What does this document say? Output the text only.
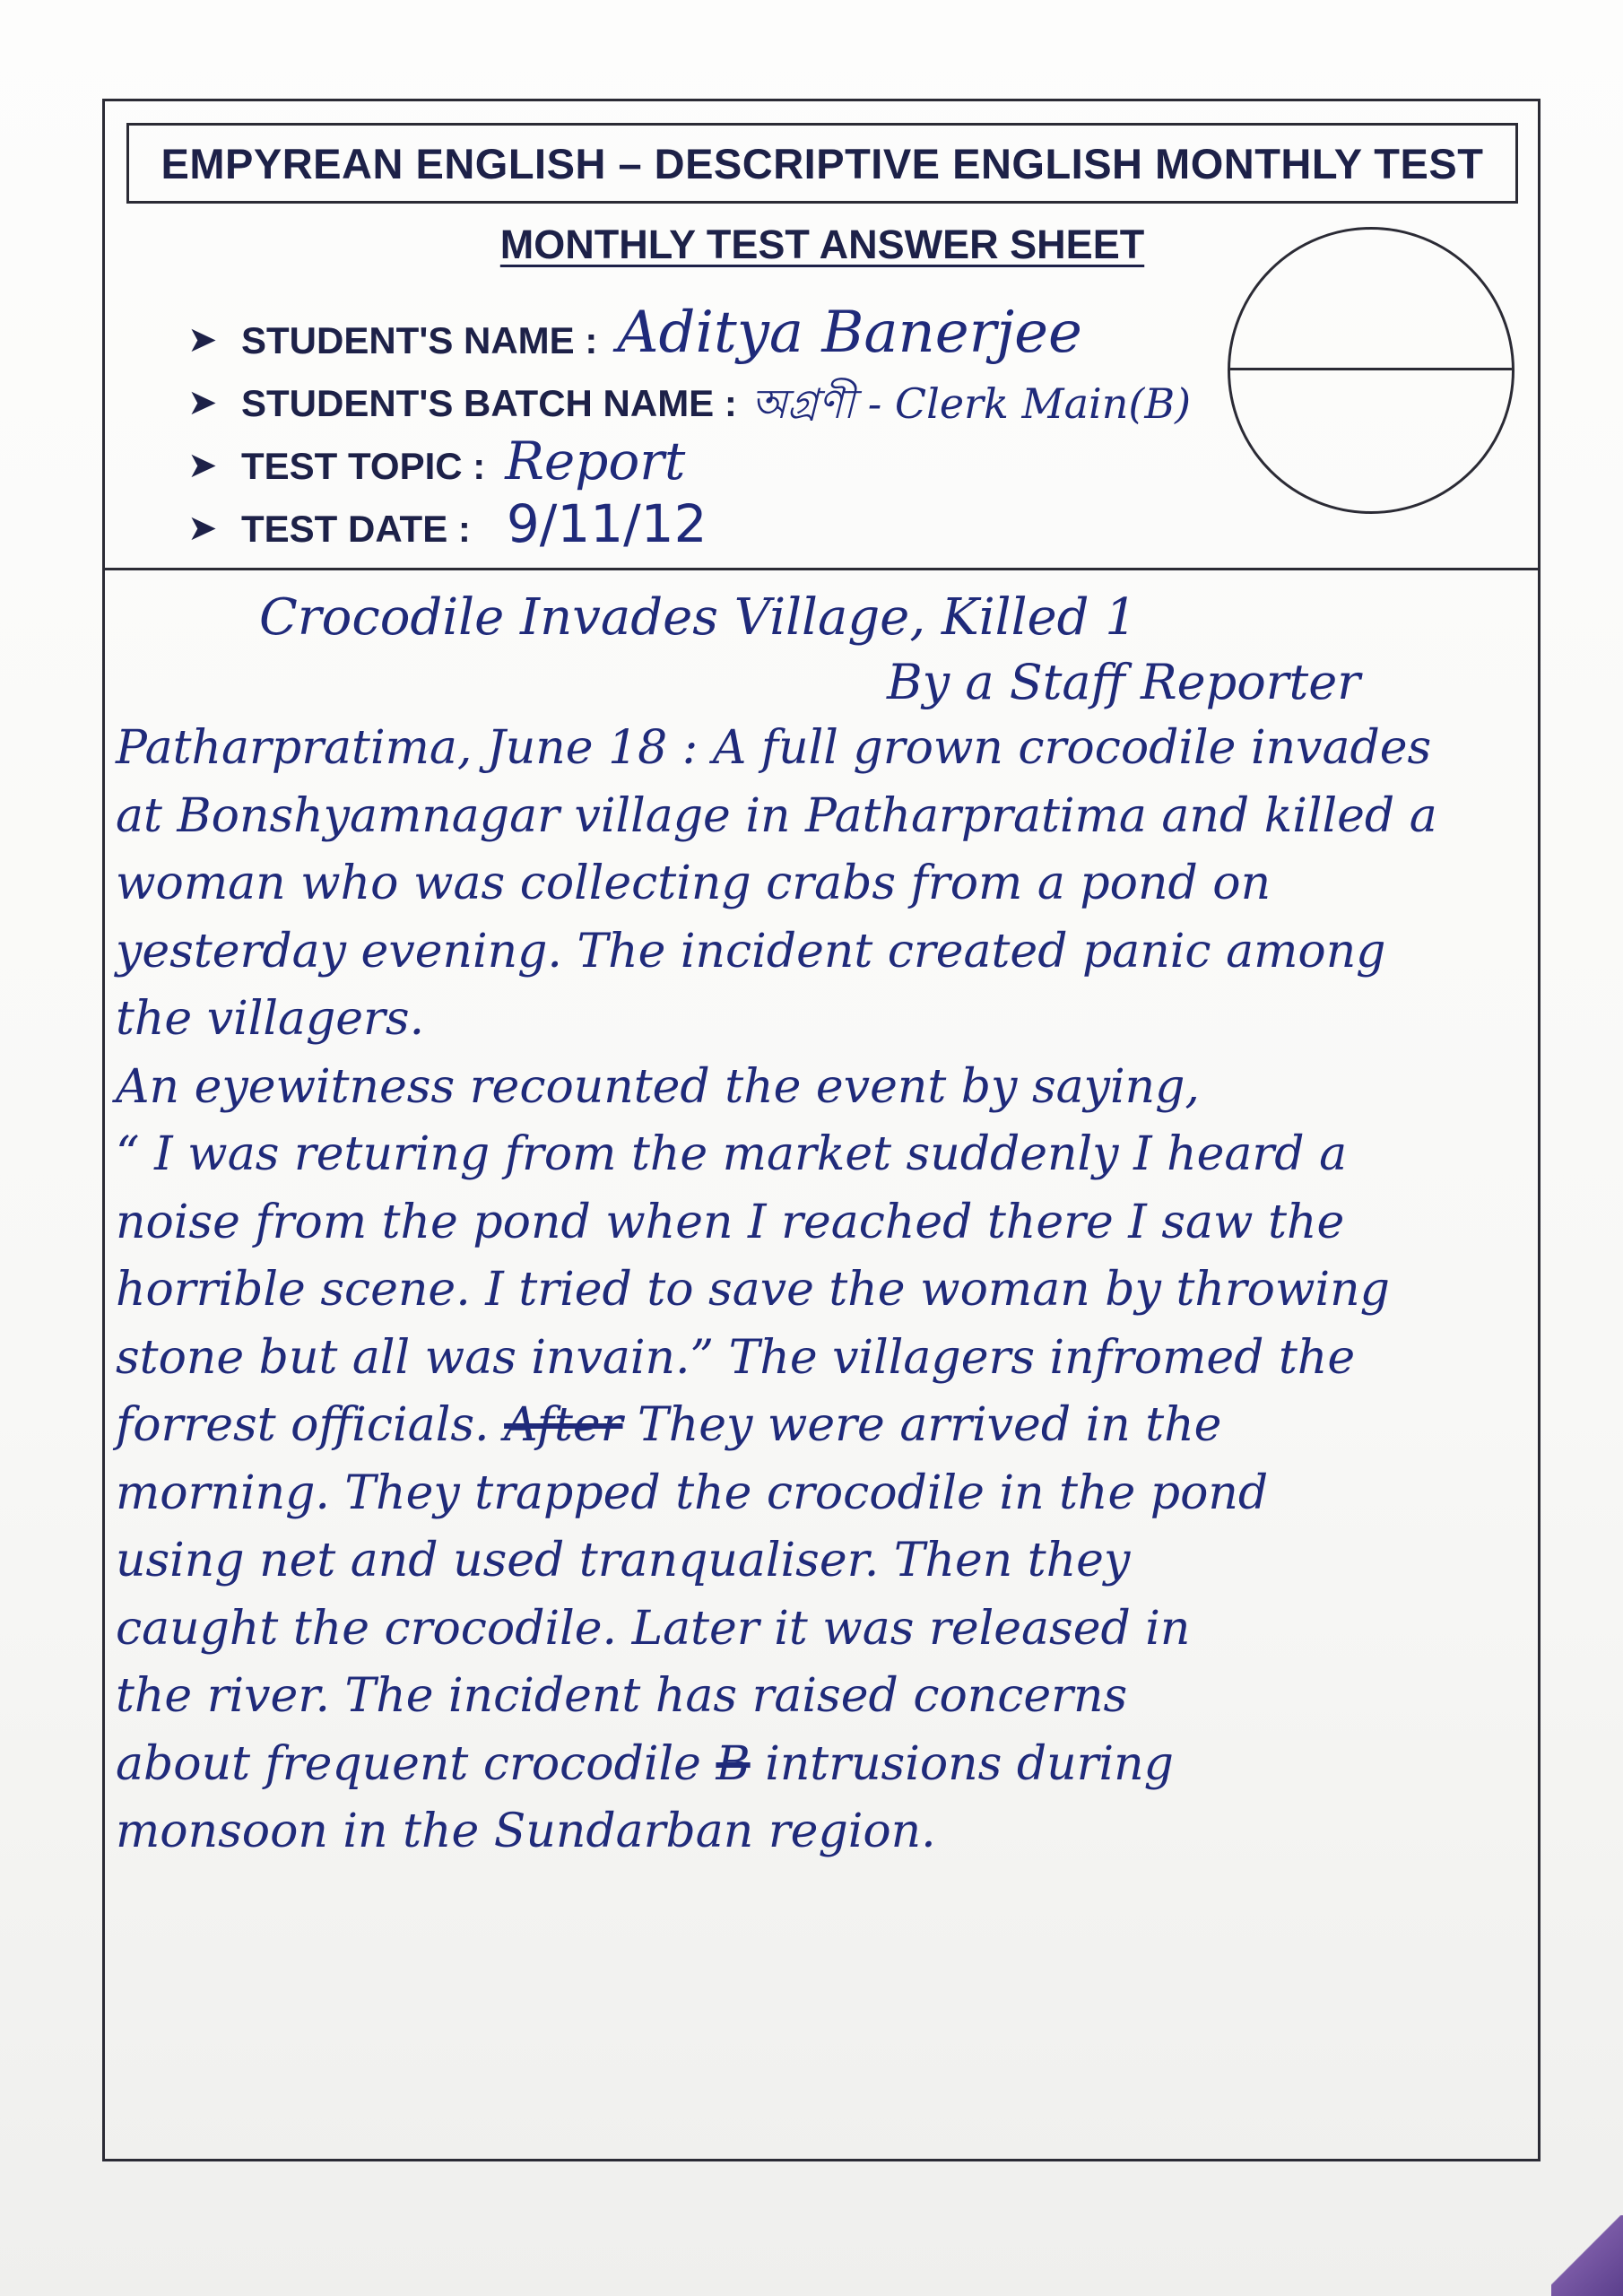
EMPYREAN ENGLISH – DESCRIPTIVE ENGLISH MONTHLY TEST
MONTHLY TEST ANSWER SHEET
➤ STUDENT'S NAME : Aditya Banerjee
➤ STUDENT'S BATCH NAME : অগ্রণী - Clerk Main(B)
➤ TEST TOPIC : Report
➤ TEST DATE : 9/11/12
Crocodile Invades Village, Killed 1
By a Staff Reporter
Patharpratima, June 18 : A full grown crocodile invades
at Bonshyamnagar village in Patharpratima and killed a
woman who was collecting crabs from a pond on
yesterday evening. The incident created panic among
the villagers.
An eyewitness recounted the event by saying,
“ I was returing from the market suddenly I heard a
noise from the pond when I reached there I saw the
horrible scene. I tried to save the woman by throwing
stone but all was invain.” The villagers infromed the
forrest officials. After They were arrived in the
morning. They trapped the crocodile in the pond
using net and used tranqualiser. Then they
caught the crocodile. Later it was released in
the river. The incident has raised concerns
about frequent crocodile B intrusions during
monsoon in the Sundarban region.
